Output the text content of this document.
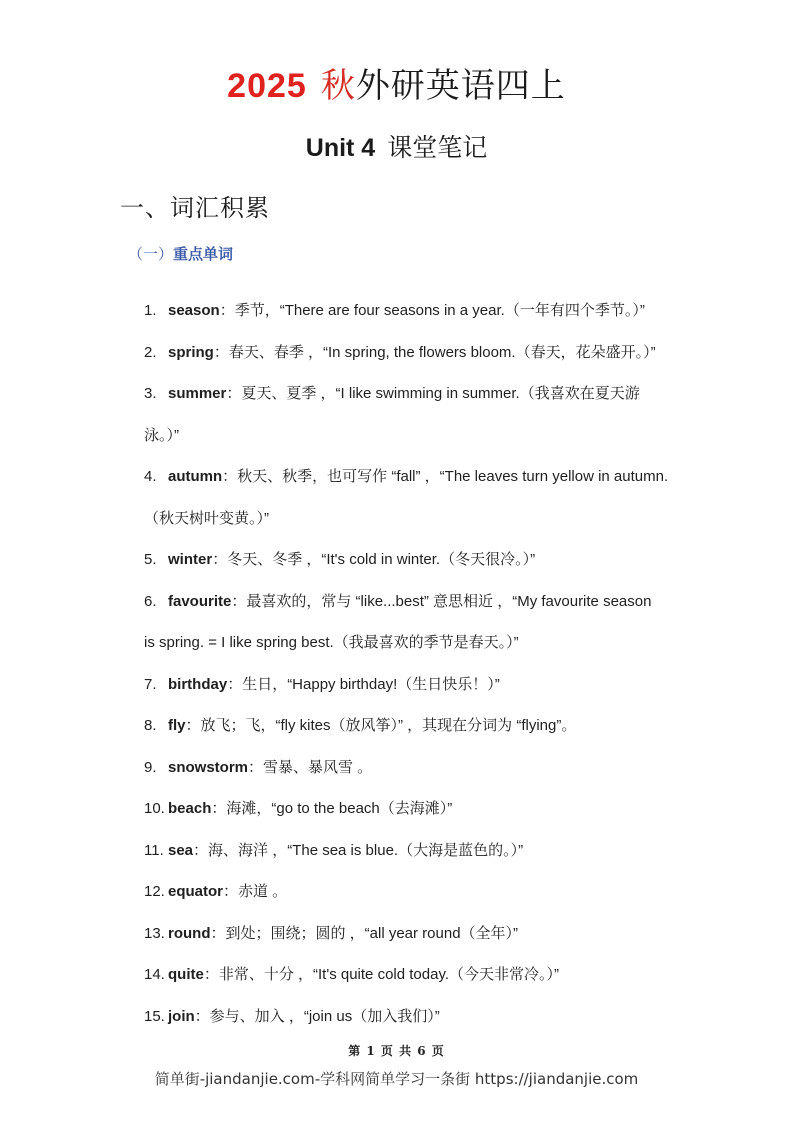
2025 秋外研英语四上
Unit 4 课堂笔记
一、词汇积累
（一）重点单词
1. season：季节，“There are four seasons in a year.（一年有四个季节。）”
2. spring：春天、春季 ，“In spring, the flowers bloom.（春天，花朵盛开。）”
3. summer：夏天、夏季 ，“I like swimming in summer.（我喜欢在夏天游
泳。）”
4. autumn：秋天、秋季，也可写作 “fall” ，“The leaves turn yellow in autumn.
（秋天树叶变黄。）”
5. winter：冬天、冬季 ，“It's cold in winter.（冬天很冷。）”
6. favourite：最喜欢的，常与 “like...best” 意思相近 ，“My favourite season
is spring. = I like spring best.（我最喜欢的季节是春天。）”
7. birthday：生日，“Happy birthday!（生日快乐！）”
8. fly：放飞；飞，“fly kites（放风筝）” ，其现在分词为 “flying”。
9. snowstorm：雪暴、暴风雪 。
10. beach：海滩，“go to the beach（去海滩）”
11. sea：海、海洋 ，“The sea is blue.（大海是蓝色的。）”
12. equator：赤道 。
13. round：到处；围绕；圆的 ，“all year round（全年）”
14. quite：非常、十分 ，“It's quite cold today.（今天非常冷。）”
15. join：参与、加入 ，“join us（加入我们）”
第 1 页 共 6 页
简单街-jiandanjie.com-学科网简单学习一条街 https://jiandanjie.com
